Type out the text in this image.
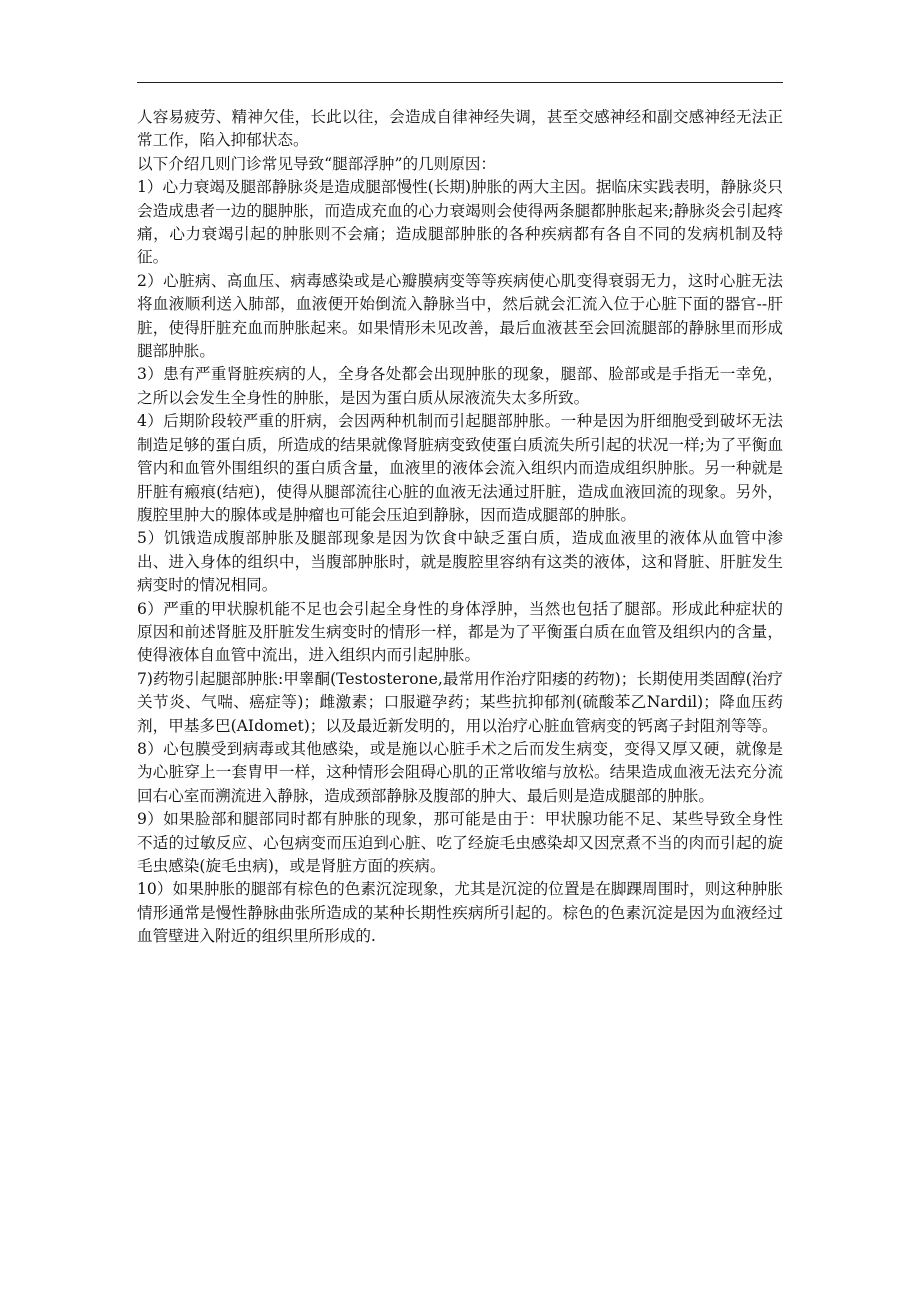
人容易疲劳、精神欠佳，长此以往，会造成自律神经失调，甚至交感神经和副交感神经无法正常工作，陷入抑郁状态。

以下介绍几则门诊常见导致“腿部浮肿”的几则原因：

1）心力衰竭及腿部静脉炎是造成腿部慢性(长期)肿胀的两大主因。据临床实践表明，静脉炎只会造成患者一边的腿肿胀，而造成充血的心力衰竭则会使得两条腿都肿胀起来;静脉炎会引起疼痛，心力衰竭引起的肿胀则不会痛；造成腿部肿胀的各种疾病都有各自不同的发病机制及特征。

2）心脏病、高血压、病毒感染或是心瓣膜病变等等疾病使心肌变得衰弱无力，这时心脏无法将血液顺利送入肺部，血液便开始倒流入静脉当中，然后就会汇流入位于心脏下面的器官--肝脏，使得肝脏充血而肿胀起来。如果情形未见改善，最后血液甚至会回流腿部的静脉里而形成腿部肿胀。

3）患有严重肾脏疾病的人，全身各处都会出现肿胀的现象，腿部、脸部或是手指无一幸免，之所以会发生全身性的肿胀，是因为蛋白质从尿液流失太多所致。

4）后期阶段较严重的肝病，会因两种机制而引起腿部肿胀。一种是因为肝细胞受到破坏无法制造足够的蛋白质，所造成的结果就像肾脏病变致使蛋白质流失所引起的状况一样;为了平衡血管内和血管外围组织的蛋白质含量，血液里的液体会流入组织内而造成组织肿胀。另一种就是肝脏有瘢痕(结疤)，使得从腿部流往心脏的血液无法通过肝脏，造成血液回流的现象。另外，腹腔里肿大的腺体或是肿瘤也可能会压迫到静脉，因而造成腿部的肿胀。

5）饥饿造成腹部肿胀及腿部现象是因为饮食中缺乏蛋白质，造成血液里的液体从血管中渗出、进入身体的组织中，当腹部肿胀时，就是腹腔里容纳有这类的液体，这和肾脏、肝脏发生病变时的情况相同。

6）严重的甲状腺机能不足也会引起全身性的身体浮肿，当然也包括了腿部。形成此种症状的原因和前述肾脏及肝脏发生病变时的情形一样，都是为了平衡蛋白质在血管及组织内的含量，使得液体自血管中流出，进入组织内而引起肿胀。

7)药物引起腿部肿胀:甲睾酮(Testosterone,最常用作治疗阳痿的药物)；长期使用类固醇(治疗关节炎、气喘、癌症等)；雌激素；口服避孕药；某些抗抑郁剂(硫酸苯乙Nardil)；降血压药剂，甲基多巴(AIdomet)；以及最近新发明的，用以治疗心脏血管病变的钙离子封阻剂等等。

8）心包膜受到病毒或其他感染，或是施以心脏手术之后而发生病变，变得又厚又硬，就像是为心脏穿上一套胄甲一样，这种情形会阻碍心肌的正常收缩与放松。结果造成血液无法充分流回右心室而溯流进入静脉，造成颈部静脉及腹部的肿大、最后则是造成腿部的肿胀。

9）如果脸部和腿部同时都有肿胀的现象，那可能是由于：甲状腺功能不足、某些导致全身性不适的过敏反应、心包病变而压迫到心脏、吃了经旋毛虫感染却又因烹煮不当的肉而引起的旋毛虫感染(旋毛虫病)，或是肾脏方面的疾病。

10）如果肿胀的腿部有棕色的色素沉淀现象，尤其是沉淀的位置是在脚踝周围时，则这种肿胀情形通常是慢性静脉曲张所造成的某种长期性疾病所引起的。棕色的色素沉淀是因为血液经过血管壁进入附近的组织里所形成的.
